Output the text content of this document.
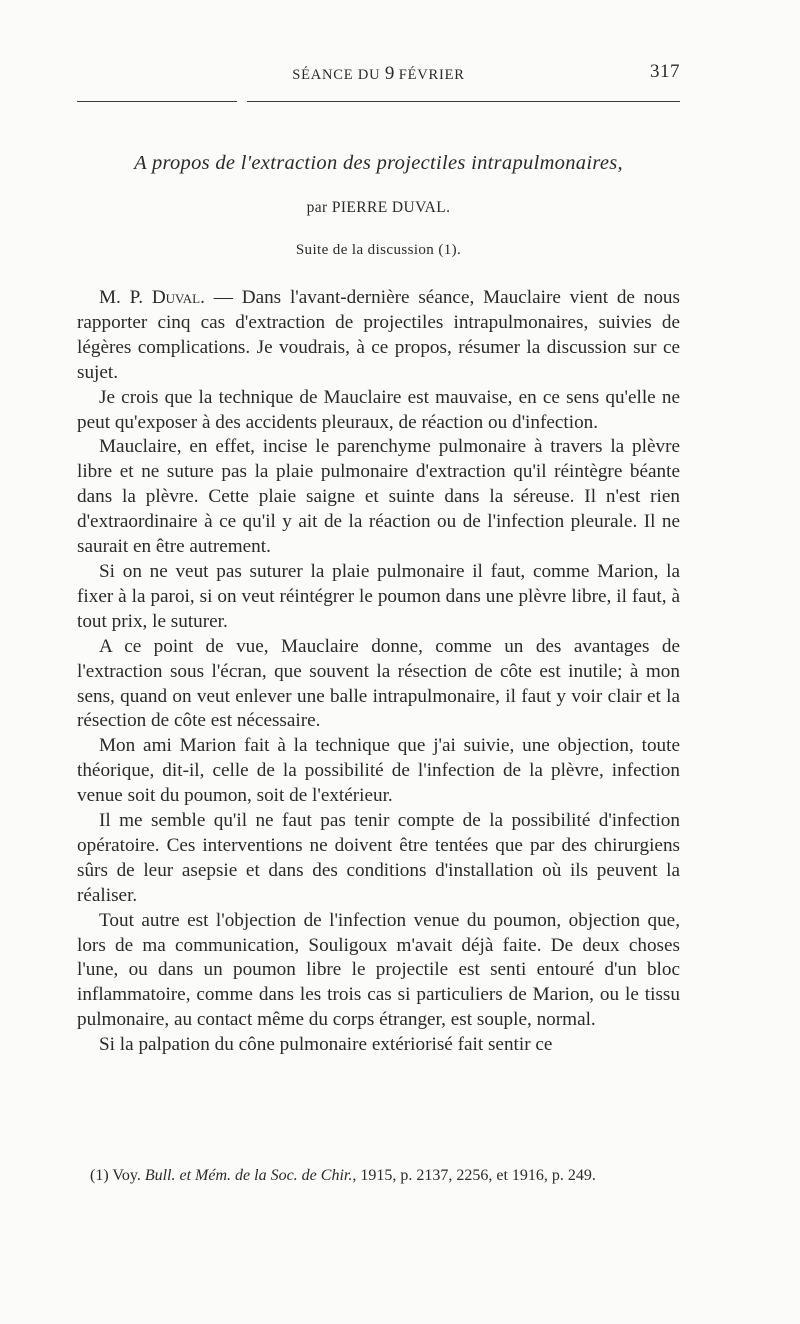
SÉANCE DU 9 FÉVRIER	317
A propos de l'extraction des projectiles intrapulmonaires,
par PIERRE DUVAL.
Suite de la discussion (1).

M. P. Duval. — Dans l'avant-dernière séance, Mauclaire vient de nous rapporter cinq cas d'extraction de projectiles intrapulmonaires, suivies de légères complications. Je voudrais, à ce propos, résumer la discussion sur ce sujet.

Je crois que la technique de Mauclaire est mauvaise, en ce sens qu'elle ne peut qu'exposer à des accidents pleuraux, de réaction ou d'infection.

Mauclaire, en effet, incise le parenchyme pulmonaire à travers la plèvre libre et ne suture pas la plaie pulmonaire d'extraction qu'il réintègre béante dans la plèvre. Cette plaie saigne et suinte dans la séreuse. Il n'est rien d'extraordinaire à ce qu'il y ait de la réaction ou de l'infection pleurale. Il ne saurait en être autrement.

Si on ne veut pas suturer la plaie pulmonaire il faut, comme Marion, la fixer à la paroi, si on veut réintégrer le poumon dans une plèvre libre, il faut, à tout prix, le suturer.

A ce point de vue, Mauclaire donne, comme un des avantages de l'extraction sous l'écran, que souvent la résection de côte est inutile; à mon sens, quand on veut enlever une balle intrapulmonaire, il faut y voir clair et la résection de côte est nécessaire.

Mon ami Marion fait à la technique que j'ai suivie, une objection, toute théorique, dit-il, celle de la possibilité de l'infection de la plèvre, infection venue soit du poumon, soit de l'extérieur.

Il me semble qu'il ne faut pas tenir compte de la possibilité d'infection opératoire. Ces interventions ne doivent être tentées que par des chirurgiens sûrs de leur asepsie et dans des conditions d'installation où ils peuvent la réaliser.

Tout autre est l'objection de l'infection venue du poumon, objection que, lors de ma communication, Souligoux m'avait déjà faite. De deux choses l'une, ou dans un poumon libre le projectile est senti entouré d'un bloc inflammatoire, comme dans les trois cas si particuliers de Marion, ou le tissu pulmonaire, au contact même du corps étranger, est souple, normal.

Si la palpation du cône pulmonaire extériorisé fait sentir ce

(1) Voy. Bull. et Mém. de la Soc. de Chir., 1915, p. 2137, 2256, et 1916, p. 249.
